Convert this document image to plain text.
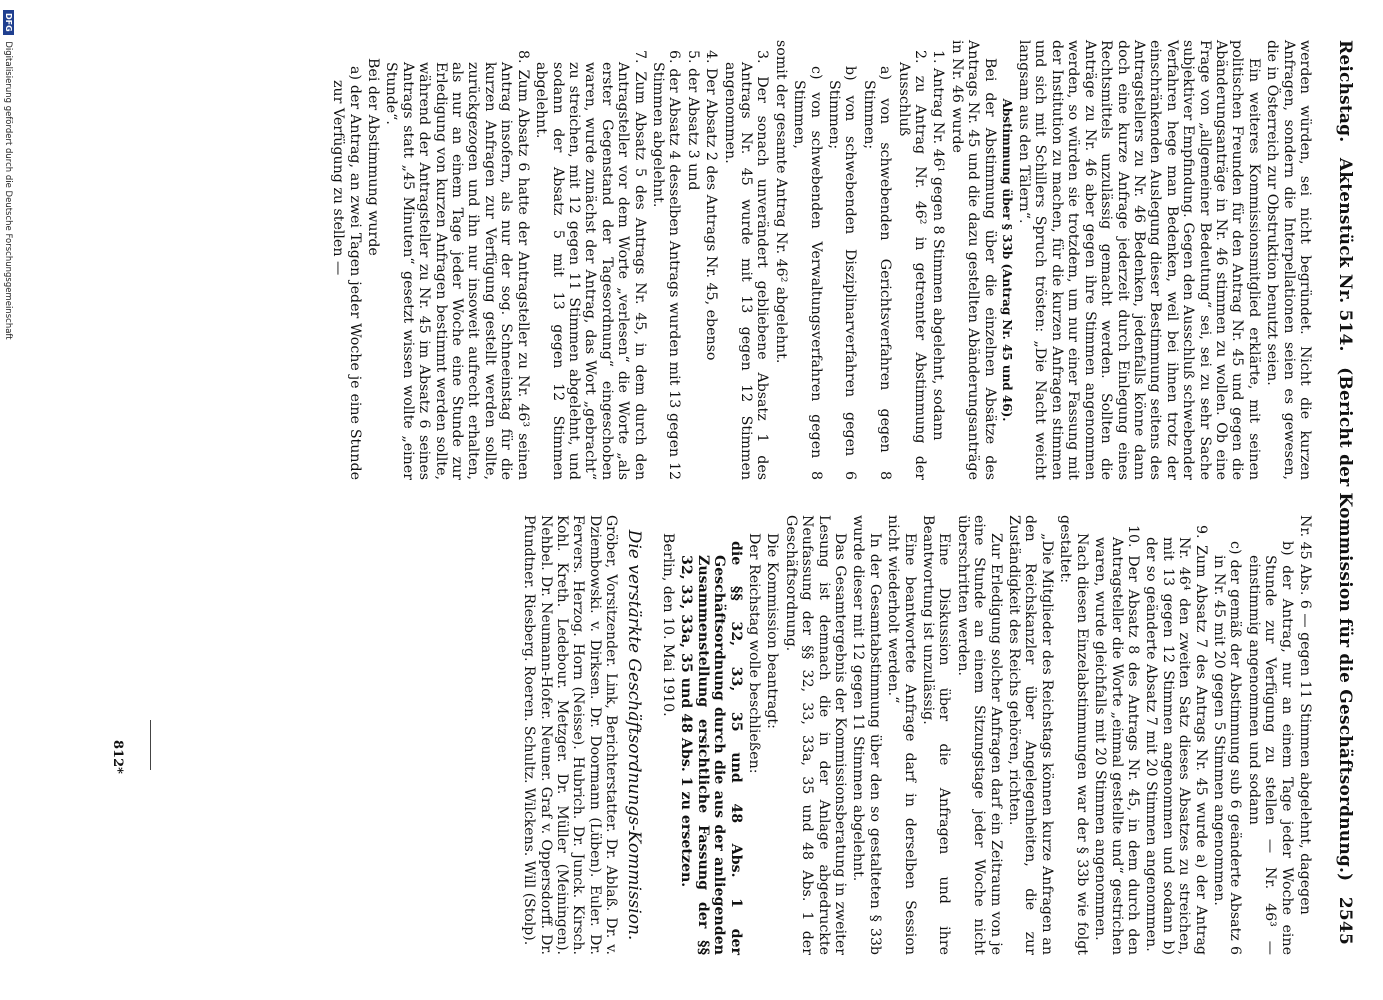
Reichstag.
Aktenstück Nr. 514.
(Bericht der Kommission für die Geschäftsordnung.)
2545

werden würden, sei nicht begründet. Nicht die kurzen Anfragen, sondern die Interpellationen seien es gewesen, die in Österreich zur Obstruktion benutzt seien.

Ein weiteres Kommissionsmitglied erklärte, mit seinen politischen Freunden für den Antrag Nr. 45 und gegen die Abänderungsanträge in Nr. 46 stimmen zu wollen. Ob eine Frage von „allgemeiner Bedeutung“ sei, sei zu sehr Sache subjektiver Empfindung. Gegen den Ausschluß schwebender Verfahren hege man Bedenken, weil bei ihnen trotz der einschränkenden Auslegung dieser Bestimmung seitens des Antragstellers zu Nr. 46 Bedenken, jedenfalls könne dann doch eine kurze Anfrage jederzeit durch Einlegung eines Rechtsmittels unzulässig gemacht werden. Sollten die Anträge zu Nr. 46 aber gegen ihre Stimmen angenommen werden, so würden sie trotzdem, um nur einer Fassung mit der Institution zu machen, für die kurzen Anfragen stimmen und sich mit Schillers Spruch trösten: „Die Nacht weicht langsam aus den Tälern“.

Abstimmung über § 33b (Antrag Nr. 45 und 46).

Bei der Abstimmung über die einzelnen Absätze des Antrags Nr. 45 und die dazu gestellten Abänderungsanträge in Nr. 46 wurde

1. Antrag Nr. 46¹ gegen 8 Stimmen abgelehnt, sodann

2. zu Antrag Nr. 46² in getrennter Abstimmung der Ausschluß

a) von schwebenden Gerichtsverfahren gegen 8 Stimmen;

b) von schwebenden Disziplinarverfahren gegen 6 Stimmen;

c) von schwebenden Verwaltungsverfahren gegen 8 Stimmen,

somit der gesamte Antrag Nr. 46² abgelehnt.

3. Der sonach unverändert gebliebene Absatz 1 des Antrags Nr. 45 wurde mit 13 gegen 12 Stimmen angenommen.

4. Der Absatz 2 des Antrags Nr. 45, ebenso

5. der Absatz 3 und

6. der Absatz 4 desselben Antrags wurden mit 13 gegen 12 Stimmen abgelehnt.

7. Zum Absatz 5 des Antrags Nr. 45, in dem durch den Antragsteller vor dem Worte „verlesen“ die Worte „als erster Gegenstand der Tagesordnung“ eingeschoben waren, wurde zunächst der Antrag, das Wort „gebracht“ zu streichen, mit 12 gegen 11 Stimmen abgelehnt, und sodann der Absatz 5 mit 13 gegen 12 Stimmen abgelehnt.

8. Zum Absatz 6 hatte der Antragsteller zu Nr. 46³ seinen Antrag insofern, als nur der sog. Schneeinstag für die kurzen Anfragen zur Verfügung gestellt werden sollte, zurückgezogen und ihn nur insoweit aufrecht erhalten, als nur an einem Tage jeder Woche eine Stunde zur Erledigung von kurzen Anfragen bestimmt werden sollte, während der Antragsteller zu Nr. 45 im Absatz 6 seines Antrags statt „45 Minuten“ gesetzt wissen wollte „einer Stunde“.

Bei der Abstimmung wurde

a) der Antrag, an zwei Tagen jeder Woche je eine Stunde zur Verfügung zu stellen —

Nr. 45 Abs. 6 — gegen 11 Stimmen abgelehnt, dagegen

b) der Antrag, nur an einem Tage jeder Woche eine Stunde zur Verfügung zu stellen — Nr. 46³ — einstimmig angenommen und sodann

c) der gemäß der Abstimmung sub 6 geänderte Absatz 6 in Nr. 45 mit 20 gegen 5 Stimmen angenommen.

9. Zum Absatz 7 des Antrags Nr. 45 wurde a) der Antrag Nr. 46⁴ den zweiten Satz dieses Absatzes zu streichen, mit 13 gegen 12 Stimmen angenommen und sodann b) der so geänderte Absatz 7 mit 20 Stimmen angenommen.

10. Der Absatz 8 des Antrags Nr. 45, in dem durch den Antragsteller die Worte „einmal gestellte und“ gestrichen waren, wurde gleichfalls mit 20 Stimmen angenommen.

Nach diesen Einzelabstimmungen war der § 33b wie folgt gestaltet:

„Die Mitglieder des Reichstags können kurze Anfragen an den Reichskanzler über Angelegenheiten, die zur Zuständigkeit des Reichs gehören, richten.

Zur Erledigung solcher Anfragen darf ein Zeitraum von je eine Stunde an einem Sitzungstage jeder Woche nicht überschritten werden.

Eine Diskussion über die Anfragen und ihre Beantwortung ist unzulässig.

Eine beantwortete Anfrage darf in derselben Session nicht wiederholt werden.“

In der Gesamtabstimmung über den so gestalteten § 33b wurde dieser mit 12 gegen 11 Stimmen abgelehnt.

Das Gesamtergebnis der Kommissionsberatung in zweiter Lesung ist demnach die in der Anlage abgedruckte Neufassung der §§ 32, 33, 33a, 35 und 48 Abs. 1 der Geschäftsordnung.

Die Kommission beantragt:

Der Reichstag wolle beschließen:

die §§ 32, 33, 35 und 48 Abs. 1 der Geschäftsordnung durch die aus der anliegenden Zusammenstellung ersichtliche Fassung der §§ 32, 33, 33a, 35 und 48 Abs. 1 zu ersetzen.

Berlin, den 10. Mai 1910.

Die verstärkte Geschäftsordnungs-Kommission.

Gröber, Vorsitzender. Link, Berichterstatter. Dr. Ablaß. Dr. v. Dziembowski. v. Dirksen. Dr. Doormann (Lüben). Euler. Dr. Fervers. Herzog. Horn (Neisse). Hubrich. Dr. Junck. Kirsch. Kohl. Kreth. Ledebour. Metzger. Dr. Müller (Meiningen). Nehbel. Dr. Neumann-Hofer. Neuner. Graf v. Oppersdorff. Dr. Pfundtner. Riesberg. Roeren. Schultz. Wilckens. Will (Stolp).

812*
DFG Digitalisierung gefördert durch die Deutsche Forschungsgemeinschaft
